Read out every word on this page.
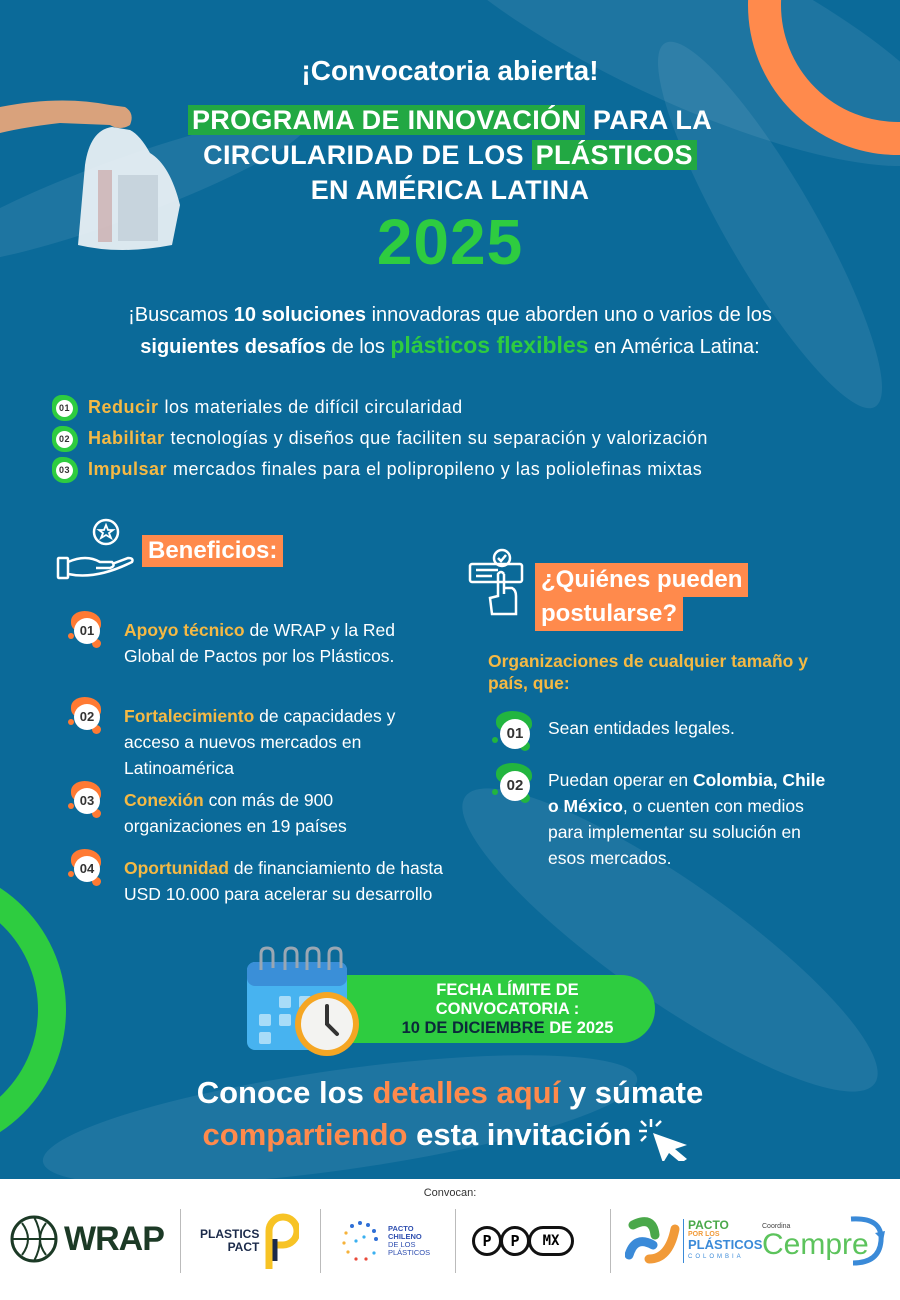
¡Convocatoria abierta!
PROGRAMA DE INNOVACIÓN PARA LA
CIRCULARIDAD DE LOS PLÁSTICOS
EN AMÉRICA LATINA
2025
¡Buscamos 10 soluciones innovadoras que aborden uno o varios de los
siguientes desafíos de los plásticos flexibles en América Latina:
01 Reducir los materiales de difícil circularidad
02 Habilitar tecnologías y diseños que faciliten su separación y valorización
03 Impulsar mercados finales para el polipropileno y las poliolefinas mixtas
Beneficios:
01	Apoyo técnico de WRAP y la Red Global de Pactos por los Plásticos.
02	Fortalecimiento de capacidades y acceso a nuevos mercados en Latinoamérica
03	Conexión con más de 900 organizaciones en 19 países
04	Oportunidad de financiamiento de hasta USD 10.000 para acelerar su desarrollo
¿Quiénes pueden
postularse?
Organizaciones de cualquier tamaño y país, que:
01	Sean entidades legales.
02	Puedan operar en Colombia, Chile o México, o cuenten con medios para implementar su solución en esos mercados.
FECHA LÍMITE DE
CONVOCATORIA :
10 DE DICIEMBRE DE 2025
Conoce los detalles aquí y súmate
compartiendo esta invitación
Convocan:
WRAP	PLASTICS
PACT
PACTO
CHILENO
DE LOS
PLÁSTICOS
P	P	MX
PACTO
POR LOS
PLÁSTICOS
COLOMBIA
Coordina
Cempre
